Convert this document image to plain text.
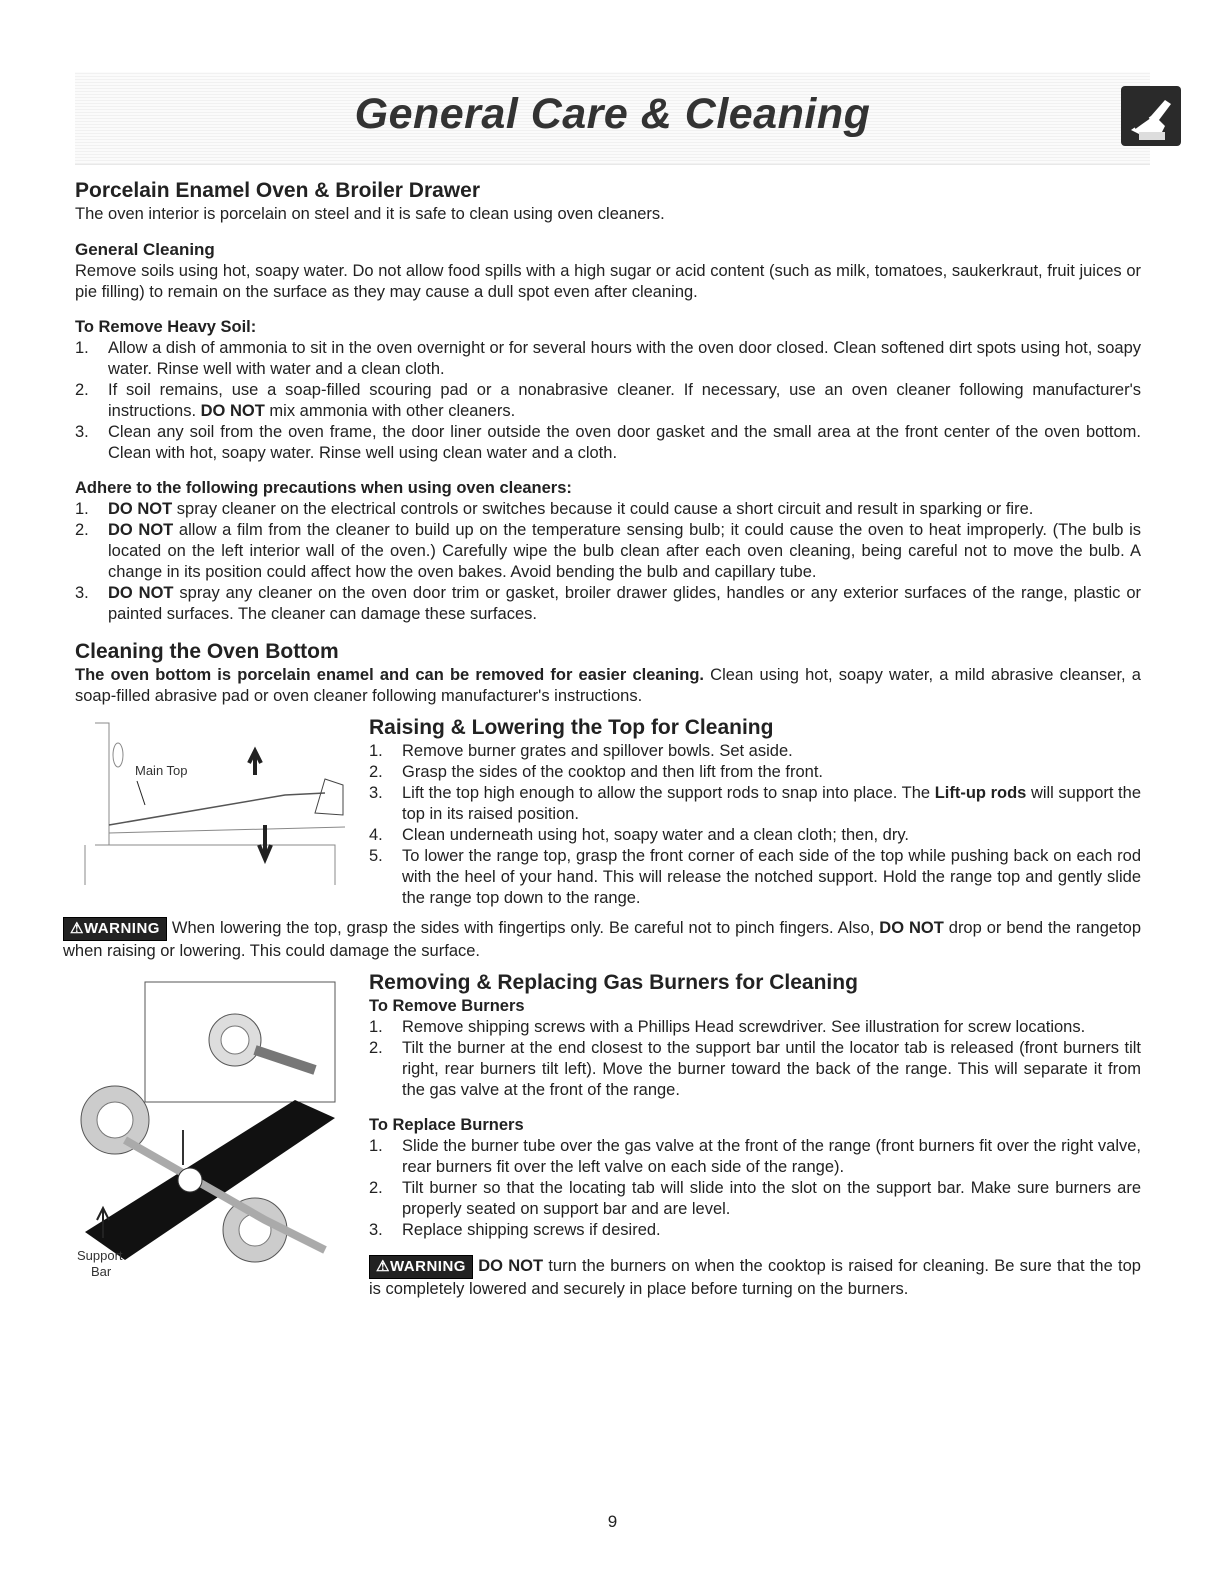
General Care & Cleaning
Porcelain Enamel Oven & Broiler Drawer

The oven interior is porcelain on steel and it is safe to clean using oven cleaners.

General Cleaning

Remove soils using hot, soapy water. Do not allow food spills with a high sugar or acid content (such as milk, tomatoes, saukerkraut, fruit juices or pie filling) to remain on the surface as they may cause a dull spot even after cleaning.

To Remove Heavy Soil:
1. Allow a dish of ammonia to sit in the oven overnight or for several hours with the oven door closed. Clean softened dirt spots using hot, soapy water. Rinse well with water and a clean cloth.
2. If soil remains, use a soap-filled scouring pad or a nonabrasive cleaner. If necessary, use an oven cleaner following manufacturer's instructions. DO NOT mix ammonia with other cleaners.
3. Clean any soil from the oven frame, the door liner outside the oven door gasket and the small area at the front center of the oven bottom. Clean with hot, soapy water. Rinse well using clean water and a cloth.
Adhere to the following precautions when using oven cleaners:
1. DO NOT spray cleaner on the electrical controls or switches because it could cause a short circuit and result in sparking or fire.
2. DO NOT allow a film from the cleaner to build up on the temperature sensing bulb; it could cause the oven to heat improperly. (The bulb is located on the left interior wall of the oven.) Carefully wipe the bulb clean after each oven cleaning, being careful not to move the bulb. A change in its position could affect how the oven bakes. Avoid bending the bulb and capillary tube.
3. DO NOT spray any cleaner on the oven door trim or gasket, broiler drawer glides, handles or any exterior surfaces of the range, plastic or painted surfaces. The cleaner can damage these surfaces.
Cleaning the Oven Bottom

The oven bottom is porcelain enamel and can be removed for easier cleaning. Clean using hot, soapy water, a mild abrasive cleanser, a soap-filled abrasive pad or oven cleaner following manufacturer's instructions.

Main Top
Raising & Lowering the Top for Cleaning
1. Remove burner grates and spillover bowls. Set aside.
2. Grasp the sides of the cooktop and then lift from the front.
3. Lift the top high enough to allow the support rods to snap into place. The Lift-up rods will support the top in its raised position.
4. Clean underneath using hot, soapy water and a clean cloth; then, dry.
5. To lower the range top, grasp the front corner of each side of the top while pushing back on each rod with the heel of your hand. This will release the notched support. Hold the range top and gently slide the range top down to the range.

⚠WARNING When lowering the top, grasp the sides with fingertips only. Be careful not to pinch fingers. Also, DO NOT drop or bend the rangetop when raising or lowering. This could damage the surface.

Support
Bar
Removing & Replacing Gas Burners for Cleaning
To Remove Burners
1. Remove shipping screws with a Phillips Head screwdriver. See illustration for screw locations.
2. Tilt the burner at the end closest to the support bar until the locator tab is released (front burners tilt right, rear burners tilt left). Move the burner toward the back of the range. This will separate it from the gas valve at the front of the range.
To Replace Burners
1. Slide the burner tube over the gas valve at the front of the range (front burners fit over the right valve, rear burners fit over the left valve on each side of the range).
2. Tilt burner so that the locating tab will slide into the slot on the support bar. Make sure burners are properly seated on support bar and are level.
3. Replace shipping screws if desired.

⚠WARNING DO NOT turn the burners on when the cooktop is raised for cleaning. Be sure that the top is completely lowered and securely in place before turning on the burners.

9
